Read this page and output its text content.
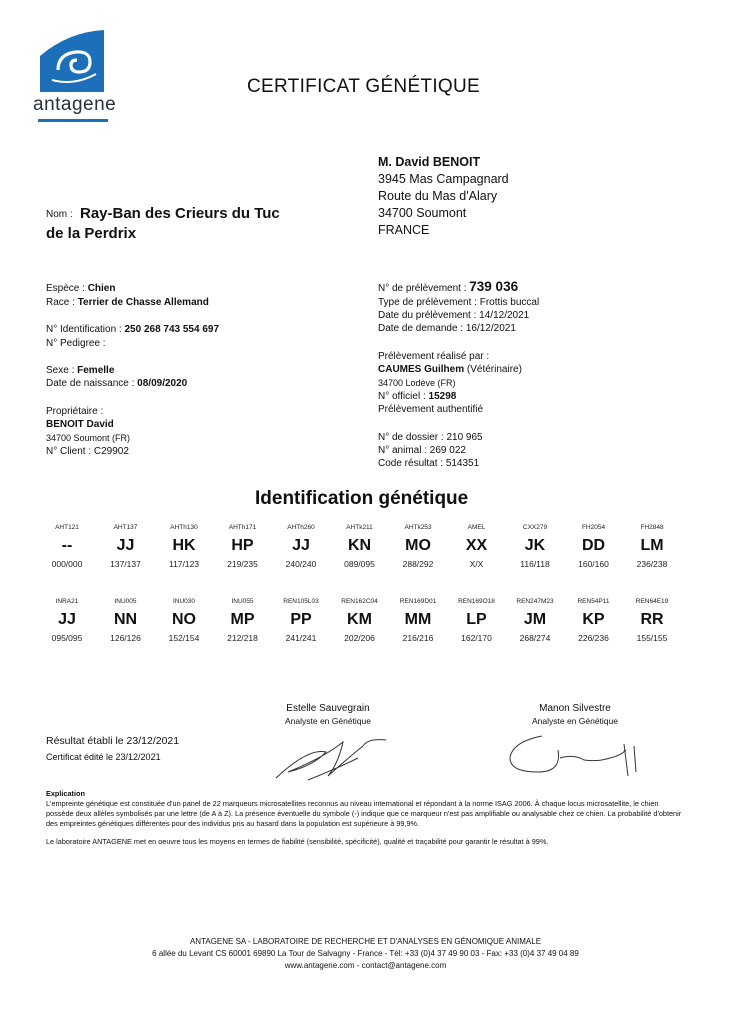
antagene
CERTIFICAT GÉNÉTIQUE
M. David BENOIT
3945 Mas Campagnard
Route du Mas d'Alary
34700 Soumont
FRANCE
Nom : Ray-Ban des Crieurs du Tuc
de la Perdrix
Espèce : Chien
Race : Terrier de Chasse Allemand
N° Identification : 250 268 743 554 697
N° Pedigree :
Sexe : Femelle
Date de naissance : 08/09/2020
Propriétaire :
BENOIT David
34700 Soumont (FR)
N° Client : C29902
N° de prélèvement : 739 036
Type de prélèvement : Frottis buccal
Date du prélèvement : 14/12/2021
Date de demande : 16/12/2021
Prélèvement réalisé par :
CAUMES Guilhem (Vétérinaire)
34700 Lodève (FR)
N° officiel : 15298
Prélèvement authentifié
N° de dossier : 210 965
N° animal : 269 022
Code résultat : 514351
Identification génétique
AHT121
--
000/000
AHT137
JJ
137/137
AHTh130
HK
117/123
AHTh171
HP
219/235
AHTh260
JJ
240/240
AHTk211
KN
089/095
AHTk253
MO
288/292
AMEL
XX
X/X
CXX279
JK
116/118
FH2054
DD
160/160
FH2848
LM
236/238
INRA21
JJ
095/095
INU005
NN
126/126
INU030
NO
152/154
INU055
MP
212/218
REN105L03
PP
241/241
REN162C04
KM
202/206
REN169D01
MM
216/216
REN169O18
LP
162/170
REN247M23
JM
268/274
REN54P11
KP
226/236
REN64E19
RR
155/155
Estelle Sauvegrain
Analyste en Génétique
Manon Silvestre
Analyste en Génétique
Résultat établi le 23/12/2021
Certificat édité le 23/12/2021
Explication
L'empreinte génétique est constituée d'un panel de 22 marqueurs microsatellites reconnus au niveau international et répondant à la norme ISAG 2006. À chaque locus microsatellite, le chien possède deux allèles symbolisés par une lettre (de A à Z). La présence éventuelle du symbole (-) indique que ce marqueur n'est pas amplifiable ou analysable chez ce chien. La probabilité d'obtenir des empreintes génétiques différentes pour des individus pris au hasard dans la population est supérieure à 99,9%.
Le laboratoire ANTAGENE met en oeuvre tous les moyens en termes de fiabilité (sensibilité, spécificité), qualité et traçabilité pour garantir le résultat à 99%.
ANTAGENE SA - LABORATOIRE DE RECHERCHE ET D'ANALYSES EN GÉNOMIQUE ANIMALE
6 allée du Levant CS 60001 69890 La Tour de Salvagny - France - Tél: +33 (0)4 37 49 90 03 - Fax: +33 (0)4 37 49 04 89
www.antagene.com - contact@antagene.com
